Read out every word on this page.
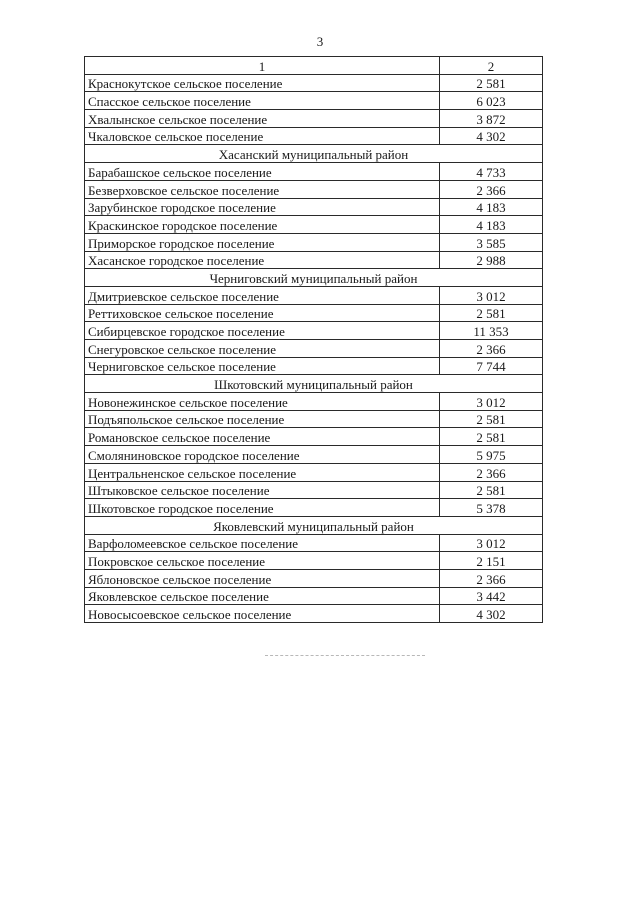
3
1	2
Краснокутское сельское поселение	2 581
Спасское сельское поселение	6 023
Хвалынское сельское поселение	3 872
Чкаловское сельское поселение	4 302
Хасанский муниципальный район	
Барабашское сельское поселение	4 733
Безверховское сельское поселение	2 366
Зарубинское городское поселение	4 183
Краскинское городское поселение	4 183
Приморское городское поселение	3 585
Хасанское городское поселение	2 988
Черниговский муниципальный район	
Дмитриевское сельское поселение	3 012
Реттиховское сельское поселение	2 581
Сибирцевское городское поселение	11 353
Снегуровское сельское поселение	2 366
Черниговское сельское поселение	7 744
Шкотовский муниципальный район	
Новонежинское сельское поселение	3 012
Подъяпольское сельское поселение	2 581
Романовское сельское поселение	2 581
Смоляниновское городское поселение	5 975
Центральненское сельское поселение	2 366
Штыковское сельское поселение	2 581
Шкотовское городское поселение	5 378
Яковлевский муниципальный район	
Варфоломеевское сельское поселение	3 012
Покровское сельское поселение	2 151
Яблоновское сельское поселение	2 366
Яковлевское сельское поселение	3 442
Новосысоевское сельское поселение	4 302
